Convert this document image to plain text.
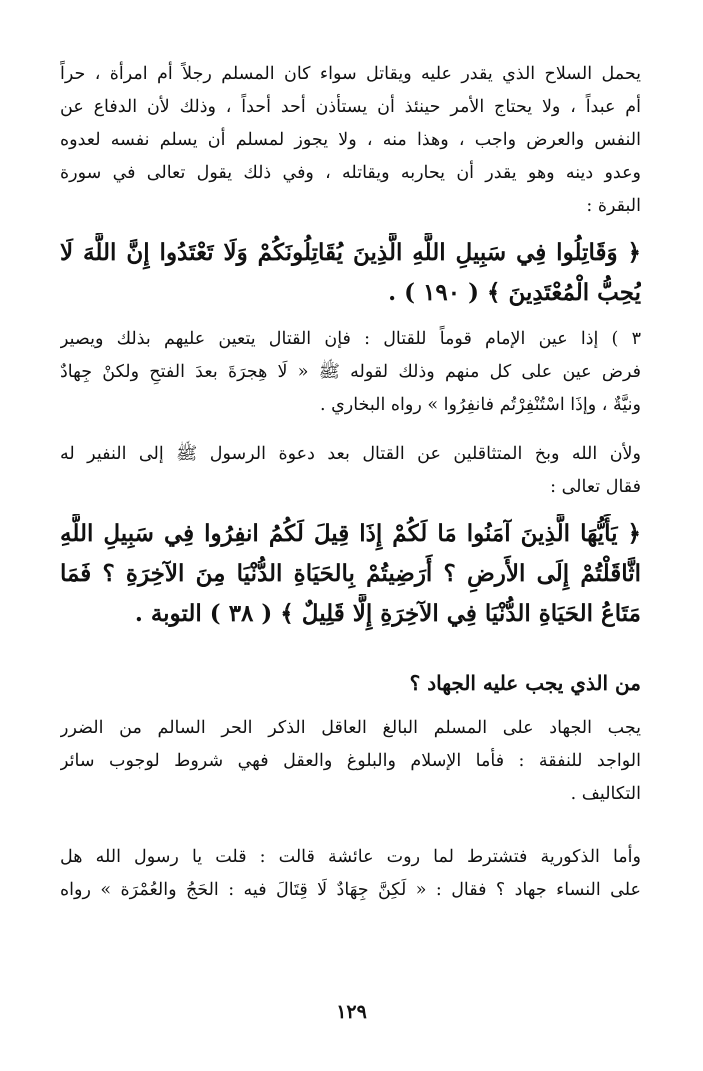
يحمل السلاح الذي يقدر عليه ويقاتل سواء كان المسلم رجلاً أم امرأة ، حراً
أم عبداً ، ولا يحتاج الأمر حينئذ أن يستأذن أحد أحداً ، وذلك لأن الدفاع عن
النفس والعرض واجب ، وهذا منه ، ولا يجوز لمسلم أن يسلم نفسه لعدوه
وعدو دينه وهو يقدر أن يحاربه ويقاتله ، وفي ذلك يقول تعالى في سورة
البقرة :
﴿ وَقَاتِلُوا فِي سَبِيلِ اللَّهِ الَّذِينَ يُقَاتِلُونَكُمْ وَلَا تَعْتَدُوا إِنَّ اللَّهَ لَا
يُحِبُّ الْمُعْتَدِينَ ﴾ ( ١٩٠ ) .
٣ ) إذا عين الإمام قوماً للقتال : فإن القتال يتعين عليهم بذلك ويصير
فرض عين على كل منهم وذلك لقوله ﷺ « لَا هِجرَةَ بعدَ الفتحِ ولكنْ جِهادٌ
ونيَّةٌ ، وإذَا اسْتُنْفِرْتُم فانفِرُوا » رواه البخاري .
ولأن الله وبخ المتثاقلين عن القتال بعد دعوة الرسول ﷺ إلى النفير له
فقال تعالى :
﴿ يَأَيُّهَا الَّذِينَ آمَنُوا مَا لَكُمْ إِذَا قِيلَ لَكُمُ انفِرُوا فِي سَبِيلِ اللَّهِ
اثَّاقَلْتُمْ إِلَى الأَرضِ ؟ أَرَضِيتُمْ بِالحَيَاةِ الدُّنْيَا مِنَ الآخِرَةِ ؟ فَمَا
مَتَاعُ الحَيَاةِ الدُّنْيَا فِي الآخِرَةِ إِلَّا قَلِيلٌ ﴾ ( ٣٨ ) التوبة .
من الذي يجب عليه الجهاد ؟
يجب الجهاد على المسلم البالغ العاقل الذكر الحر السالم من الضرر
الواجد للنفقة : فأما الإسلام والبلوغ والعقل فهي شروط لوجوب سائر
التكاليف .
وأما الذكورية فتشترط لما روت عائشة قالت : قلت يا رسول الله هل
على النساء جهاد ؟ فقال : « لَكِنَّ جِهَادٌ لَا قِتَالَ فيه : الحَجُ والعُمْرَة » رواه
١٢٩
